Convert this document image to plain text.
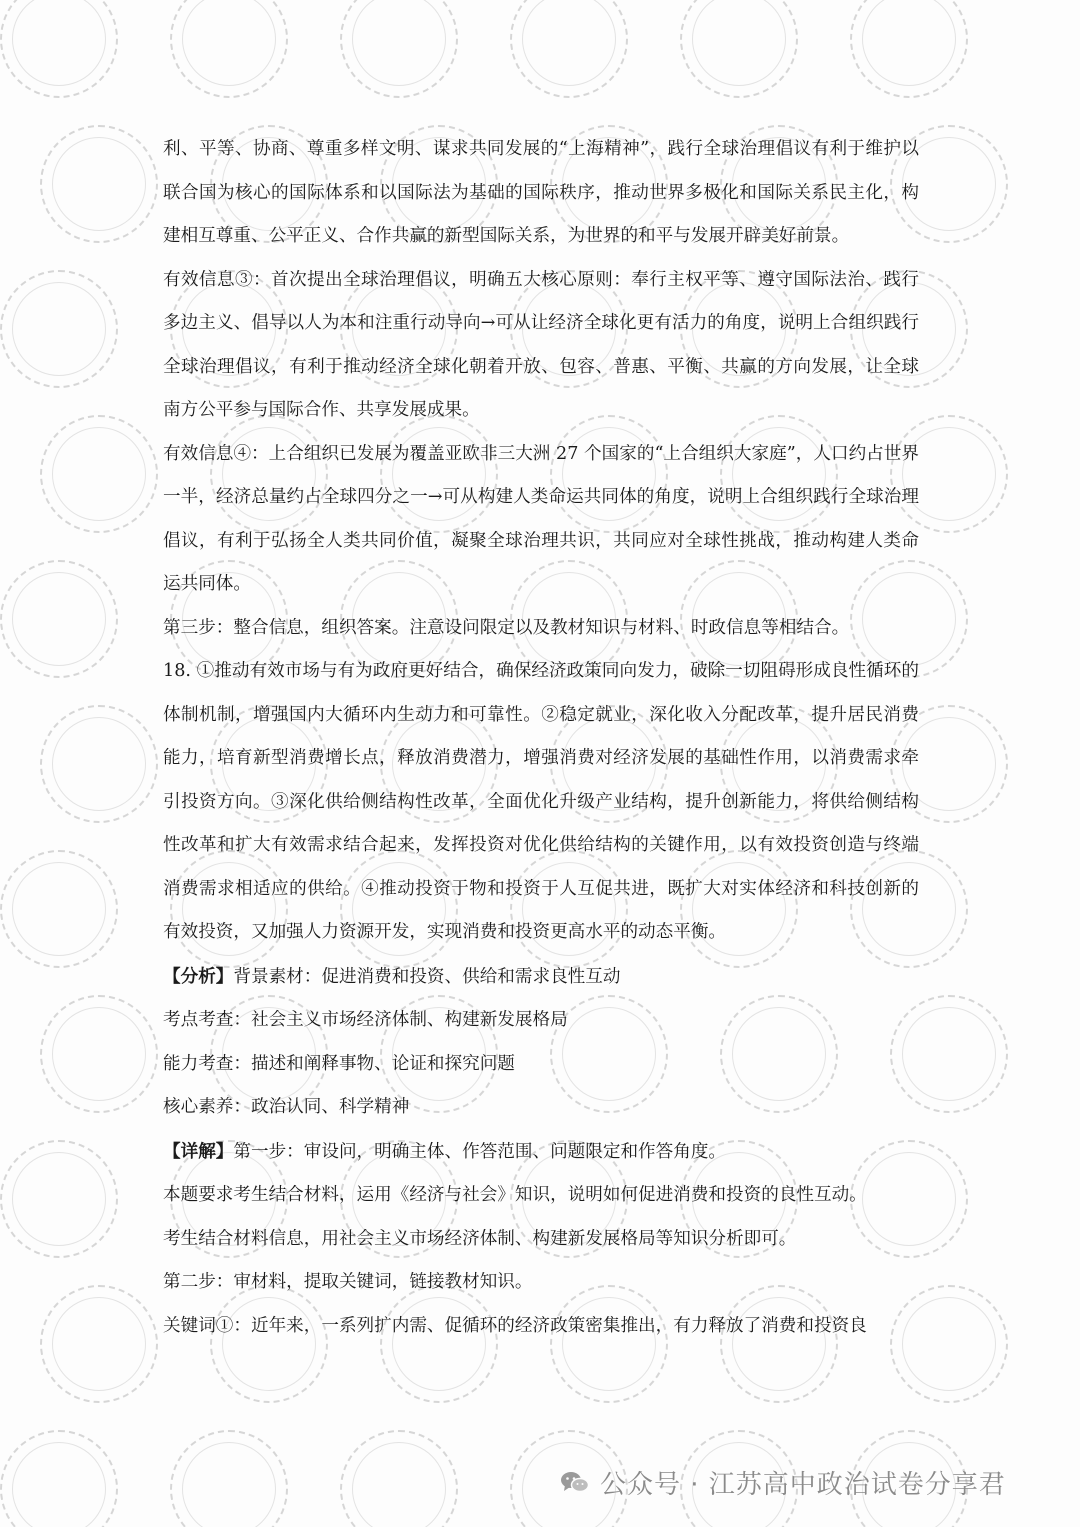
利、平等、协商、尊重多样文明、谋求共同发展的“上海精神”，践行全球治理倡议有利于维护以联合国为核心的国际体系和以国际法为基础的国际秩序，推动世界多极化和国际关系民主化，构建相互尊重、公平正义、合作共赢的新型国际关系，为世界的和平与发展开辟美好前景。

有效信息③：首次提出全球治理倡议，明确五大核心原则：奉行主权平等、遵守国际法治、践行多边主义、倡导以人为本和注重行动导向→可从让经济全球化更有活力的角度，说明上合组织践行全球治理倡议，有利于推动经济全球化朝着开放、包容、普惠、平衡、共赢的方向发展，让全球南方公平参与国际合作、共享发展成果。

有效信息④：上合组织已发展为覆盖亚欧非三大洲 27 个国家的“上合组织大家庭”，人口约占世界一半，经济总量约占全球四分之一→可从构建人类命运共同体的角度，说明上合组织践行全球治理倡议，有利于弘扬全人类共同价值，凝聚全球治理共识，共同应对全球性挑战，推动构建人类命运共同体。

第三步：整合信息，组织答案。注意设问限定以及教材知识与材料、时政信息等相结合。

18. ①推动有效市场与有为政府更好结合，确保经济政策同向发力，破除一切阻碍形成良性循环的体制机制，增强国内大循环内生动力和可靠性。②稳定就业，深化收入分配改革，提升居民消费能力，培育新型消费增长点，释放消费潜力，增强消费对经济发展的基础性作用，以消费需求牵引投资方向。③深化供给侧结构性改革，全面优化升级产业结构，提升创新能力，将供给侧结构性改革和扩大有效需求结合起来，发挥投资对优化供给结构的关键作用，以有效投资创造与终端消费需求相适应的供给。④推动投资于物和投资于人互促共进，既扩大对实体经济和科技创新的有效投资，又加强人力资源开发，实现消费和投资更高水平的动态平衡。

【分析】背景素材：促进消费和投资、供给和需求良性互动

考点考查：社会主义市场经济体制、构建新发展格局

能力考查：描述和阐释事物、论证和探究问题

核心素养：政治认同、科学精神

【详解】第一步：审设问，明确主体、作答范围、问题限定和作答角度。

本题要求考生结合材料，运用《经济与社会》知识，说明如何促进消费和投资的良性互动。

考生结合材料信息，用社会主义市场经济体制、构建新发展格局等知识分析即可。

第二步：审材料，提取关键词，链接教材知识。

关键词①：近年来，一系列扩内需、促循环的经济政策密集推出，有力释放了消费和投资良

公众号 · 江苏高中政治试卷分享君
